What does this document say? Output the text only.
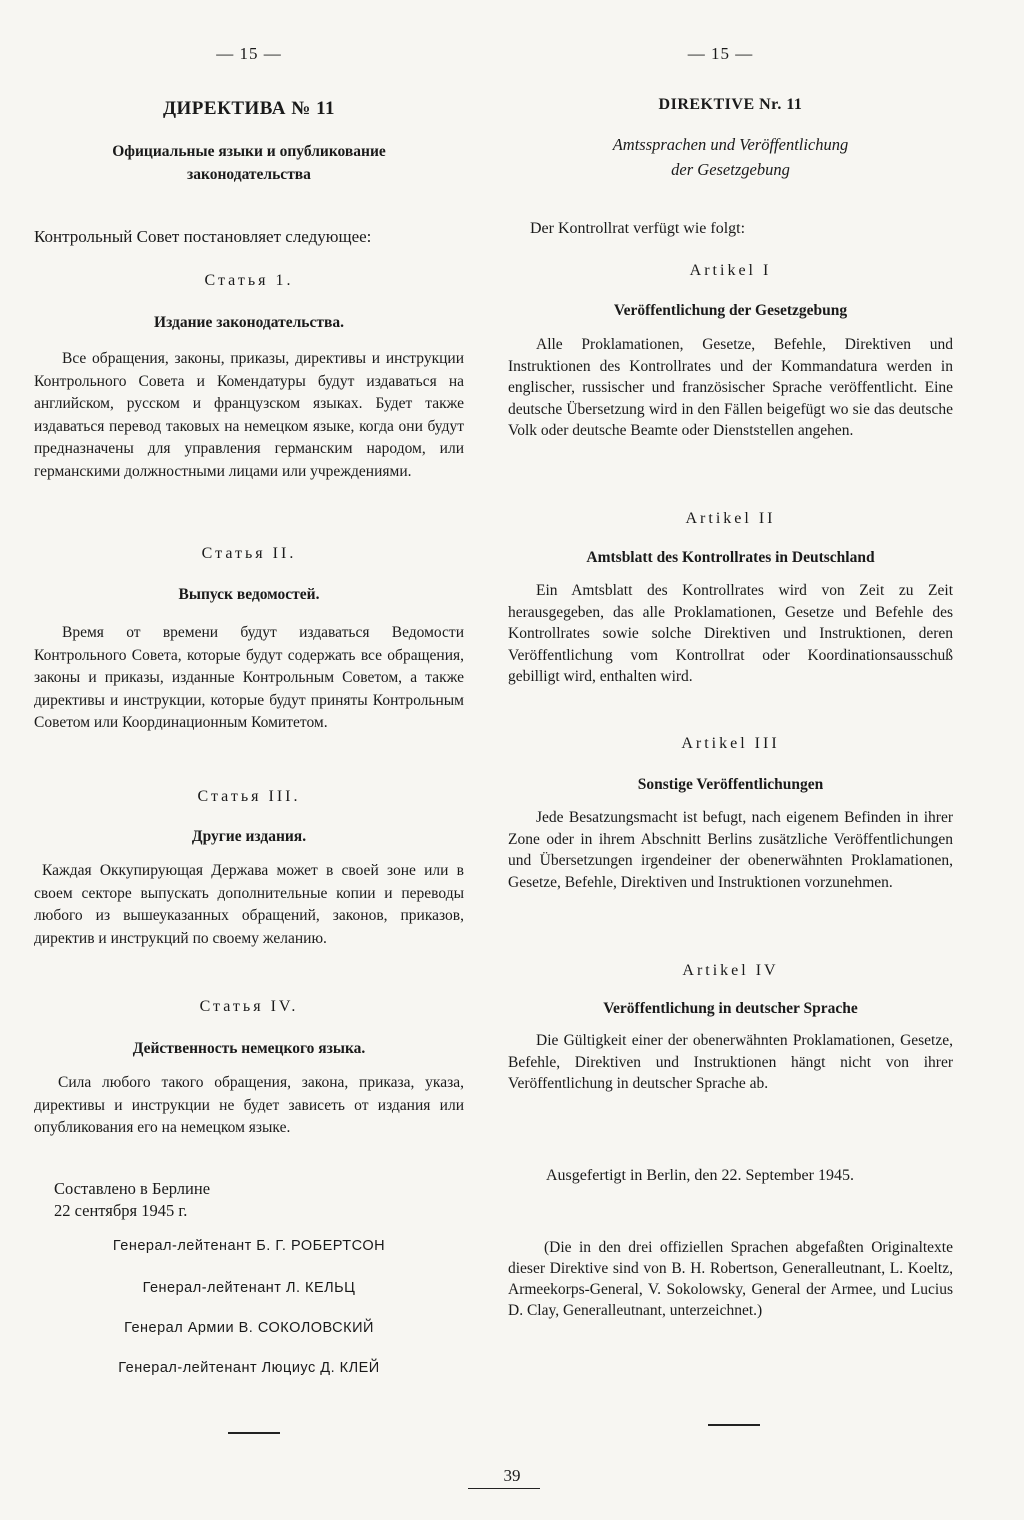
— 15 —
ДИРЕКТИВА № 11
Официальные языки и опубликование законодательства
Контрольный Совет постановляет следующее:
Статья 1.
Издание законодательства.
Все обращения, законы, приказы, директивы и инструкции Контрольного Совета и Комендатуры будут издаваться на английском, русском и французском языках. Будет также издаваться перевод таковых на немецком языке, когда они будут предназначены для управления германским народом, или германскими должностными лицами или учреждениями.
Статья II.
Выпуск ведомостей.
Время от времени будут издаваться Ведомости Контрольного Совета, которые будут содержать все обращения, законы и приказы, изданные Контрольным Советом, а также директивы и инструкции, которые будут приняты Контрольным Советом или Координационным Комитетом.
Статья III.
Другие издания.
Каждая Оккупирующая Держава может в своей зоне или в своем секторе выпускать дополнительные копии и переводы любого из вышеуказанных обращений, законов, приказов, директив и инструкций по своему желанию.
Статья IV.
Действенность немецкого языка.
Сила любого такого обращения, закона, приказа, указа, директивы и инструкции не будет зависеть от издания или опубликования его на немецком языке.
Составлено в Берлине
22 сентября 1945 г.
Генерал-лейтенант Б. Г. РОБЕРТСОН
Генерал-лейтенант Л. КЕЛЬЦ
Генерал Армии В. СОКОЛОВСКИЙ
Генерал-лейтенант Люциус Д. КЛЕЙ
— 15 —
DIREKTIVE Nr. 11
Amtssprachen und Veröffentlichung
der Gesetzgebung
Der Kontrollrat verfügt wie folgt:
Artikel I
Veröffentlichung der Gesetzgebung
Alle Proklamationen, Gesetze, Befehle, Direktiven und Instruktionen des Kontrollrates und der Kommandatura werden in englischer, russischer und französischer Sprache veröffentlicht. Eine deutsche Übersetzung wird in den Fällen beigefügt wo sie das deutsche Volk oder deutsche Beamte oder Dienststellen angehen.
Artikel II
Amtsblatt des Kontrollrates in Deutschland
Ein Amtsblatt des Kontrollrates wird von Zeit zu Zeit herausgegeben, das alle Proklamationen, Gesetze und Befehle des Kontrollrates sowie solche Direktiven und Instruktionen, deren Veröffentlichung vom Kontrollrat oder Koordinationsausschuß gebilligt wird, enthalten wird.
Artikel III
Sonstige Veröffentlichungen
Jede Besatzungsmacht ist befugt, nach eigenem Befinden in ihrer Zone oder in ihrem Abschnitt Berlins zusätzliche Veröffentlichungen und Übersetzungen irgendeiner der obenerwähnten Proklamationen, Gesetze, Befehle, Direktiven und Instruktionen vorzunehmen.
Artikel IV
Veröffentlichung in deutscher Sprache
Die Gültigkeit einer der obenerwähnten Proklamationen, Gesetze, Befehle, Direktiven und Instruktionen hängt nicht von ihrer Veröffentlichung in deutscher Sprache ab.
Ausgefertigt in Berlin, den 22. September 1945.
(Die in den drei offiziellen Sprachen abgefaßten Originaltexte dieser Direktive sind von B. H. Robertson, Generalleutnant, L. Koeltz, Armeekorps-General, V. Sokolowsky, General der Armee, und Lucius D. Clay, Generalleutnant, unterzeichnet.)
39
